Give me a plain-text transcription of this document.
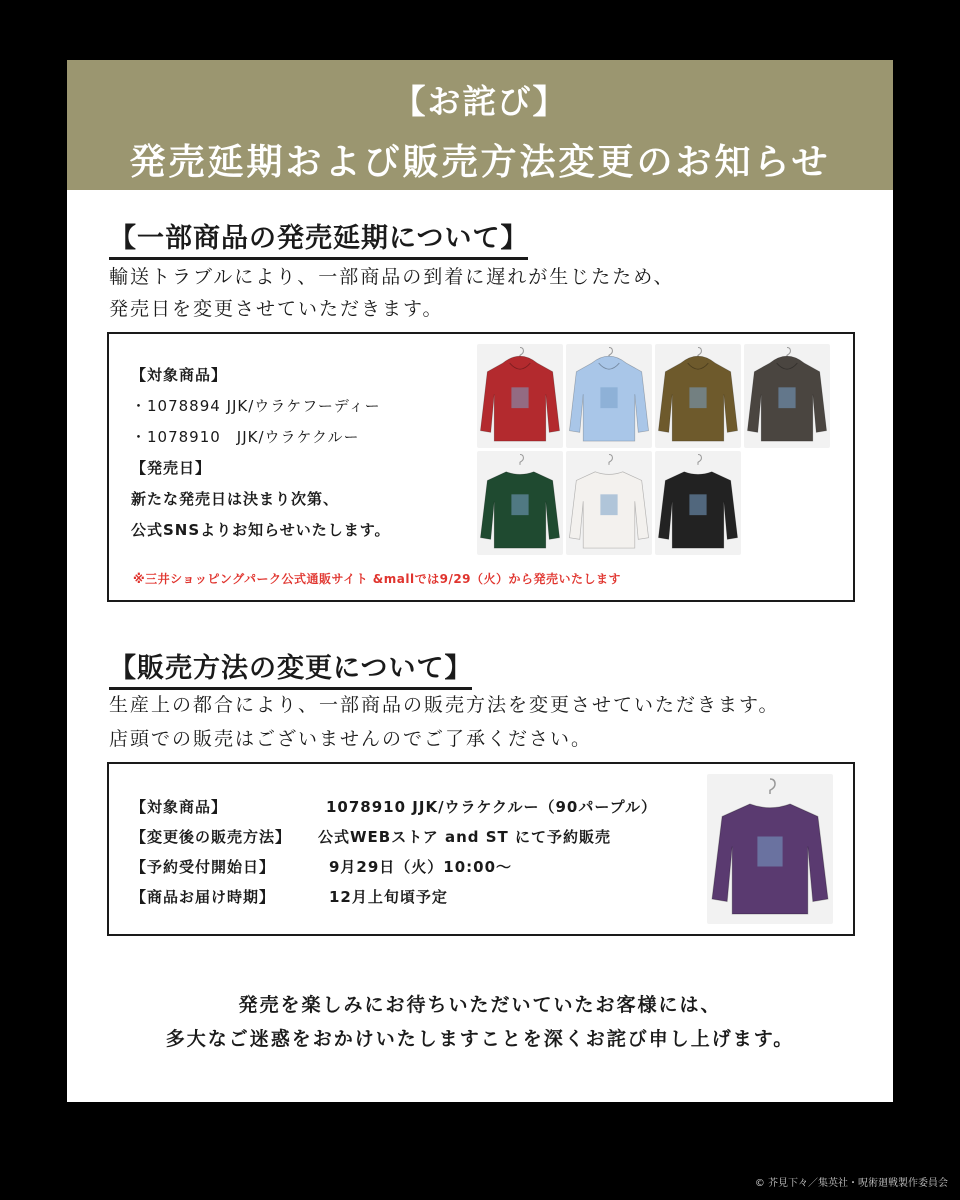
【お詫び】
発売延期および販売方法変更のお知らせ
【一部商品の発売延期について】
輸送トラブルにより、一部商品の到着に遅れが生じたため、
発売日を変更させていただきます。
【対象商品】
・1078894 JJK/ウラケフーディー
・1078910　JJK/ウラケクルー
【発売日】
新たな発売日は決まり次第、
公式SNSよりお知らせいたします。
※三井ショッピングパーク公式通販サイト &mallでは9/29（火）から発売いたします
【販売方法の変更について】
生産上の都合により、一部商品の販売方法を変更させていただきます。
店頭での販売はございませんのでご了承ください。
【対象商品】	1078910 JJK/ウラケクルー（90パープル）
【変更後の販売方法】 公式WEBストア and ST にて予約販売
【予約受付開始日】	9月29日（火）10:00～
【商品お届け時期】	12月上旬頃予定
発売を楽しみにお待ちいただいていたお客様には、
多大なご迷惑をおかけいたしますことを深くお詫び申し上げます。
© 芥見下々／集英社・呪術廻戦製作委員会
